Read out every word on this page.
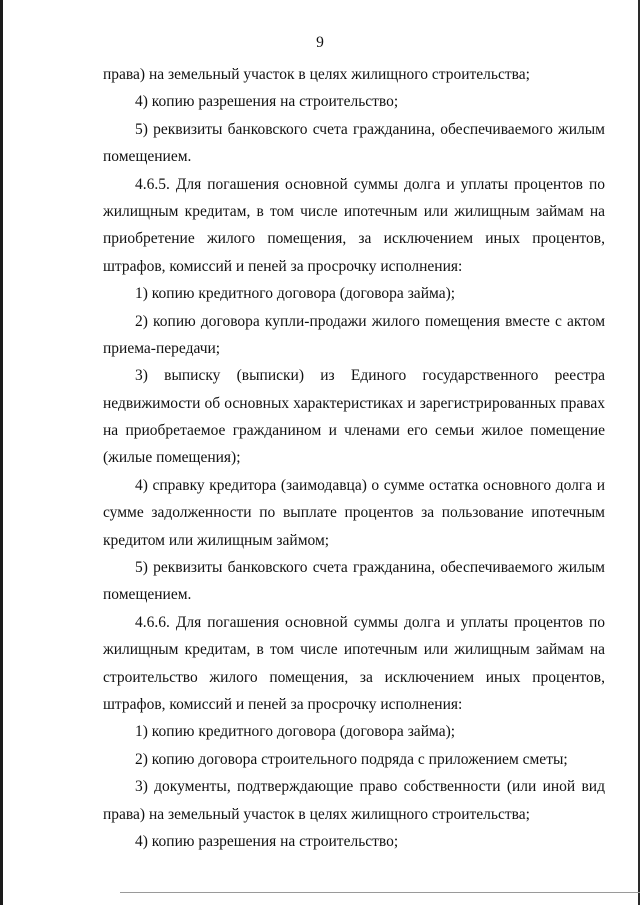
9
права) на земельный участок в целях жилищного строительства;
4) копию разрешения на строительство;
5) реквизиты банковского счета гражданина, обеспечиваемого жилым
помещением.
4.6.5. Для погашения основной суммы долга и уплаты процентов по
жилищным кредитам, в том числе ипотечным или жилищным займам на
приобретение жилого помещения, за исключением иных процентов,
штрафов, комиссий и пеней за просрочку исполнения:
1) копию кредитного договора (договора займа);
2) копию договора купли-продажи жилого помещения вместе с актом
приема-передачи;
3) выписку (выписки) из Единого государственного реестра
недвижимости об основных характеристиках и зарегистрированных правах
на приобретаемое гражданином и членами его семьи жилое помещение
(жилые помещения);
4) справку кредитора (заимодавца) о сумме остатка основного долга и
сумме задолженности по выплате процентов за пользование ипотечным
кредитом или жилищным займом;
5) реквизиты банковского счета гражданина, обеспечиваемого жилым
помещением.
4.6.6. Для погашения основной суммы долга и уплаты процентов по
жилищным кредитам, в том числе ипотечным или жилищным займам на
строительство жилого помещения, за исключением иных процентов,
штрафов, комиссий и пеней за просрочку исполнения:
1) копию кредитного договора (договора займа);
2) копию договора строительного подряда с приложением сметы;
3) документы, подтверждающие право собственности (или иной вид
права) на земельный участок в целях жилищного строительства;
4) копию разрешения на строительство;
